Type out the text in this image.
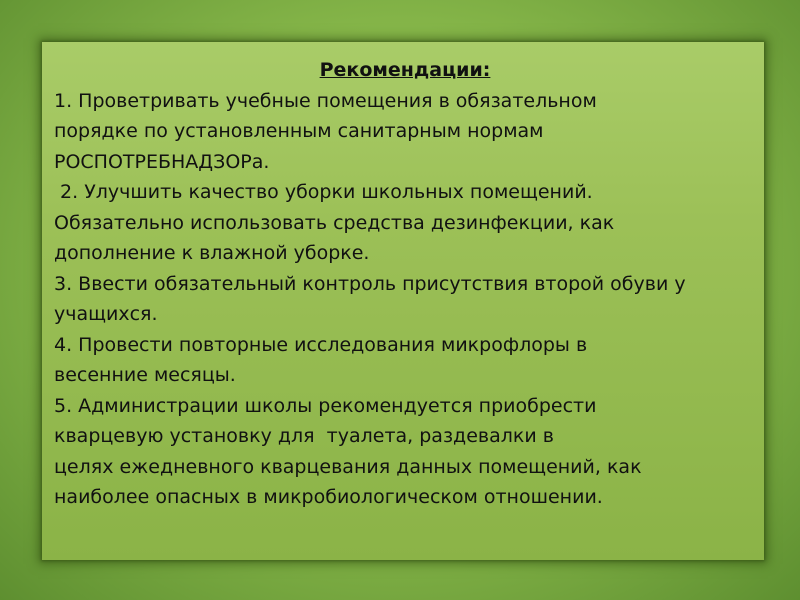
Рекомендации:

1. Проветривать учебные помещения в обязательном

порядке по установленным санитарным нормам

РОСПОТРЕБНАДЗОРа.

2. Улучшить качество уборки школьных помещений.

Обязательно использовать средства дезинфекции, как

дополнение к влажной уборке.

3. Ввести обязательный контроль присутствия второй обуви у

учащихся.

4. Провести повторные исследования микрофлоры в

весенние месяцы.

5. Администрации школы рекомендуется приобрести

кварцевую установку для  туалета, раздевалки в

целях ежедневного кварцевания данных помещений, как

наиболее опасных в микробиологическом отношении.
